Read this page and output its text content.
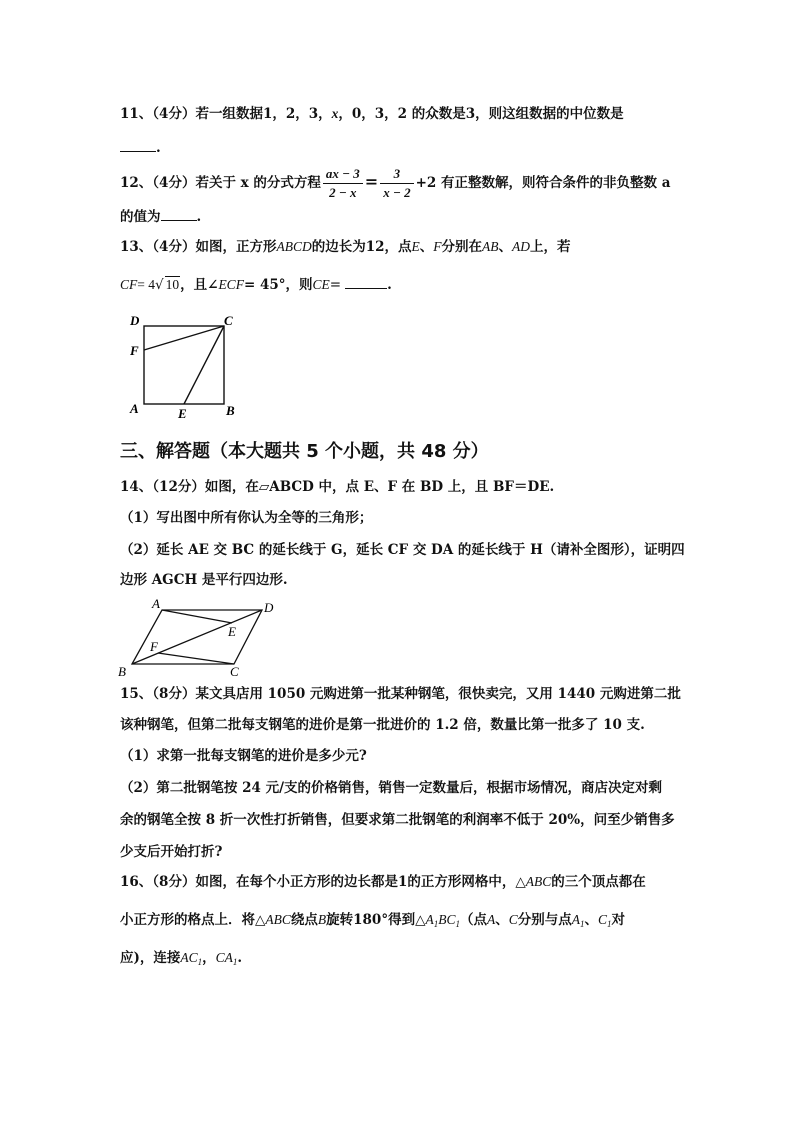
11、（4分）若一组数据1，2，3，x，0，3，2 的众数是3，则这组数据的中位数是
.
12、（4分）若关于 x 的分式方程 $\frac{ax - 3}{2 - x} = \frac{3}{x - 2} +2$ 有正整数解，则符合条件的非负整数 a
的值为	.
13、（4分）如图，正方形ABCD的边长为12，点E、F分别在AB、AD上，若
CF= 4√ 10，且∠ECF= 45°，则CE=	.
D	C
F
A	E	B
三、解答题（本大题共 5 个小题，共 48 分）
14、（12分）如图，在▱ABCD 中，点 E、F 在 BD 上，且 BF＝DE.
（1）写出图中所有你认为全等的三角形；
（2）延长 AE 交 BC 的延长线于 G，延长 CF 交 DA 的延长线于 H（请补全图形），证明四
边形 AGCH 是平行四边形.
A	D
E
F
B	C
15、（8分）某文具店用 1050 元购进第一批某种钢笔，很快卖完，又用 1440 元购进第二批
该种钢笔，但第二批每支钢笔的进价是第一批进价的 1.2 倍，数量比第一批多了 10 支.
（1）求第一批每支钢笔的进价是多少元?
（2）第二批钢笔按 24 元/支的价格销售，销售一定数量后，根据市场情况，商店决定对剩
余的钢笔全按 8 折一次性打折销售，但要求第二批钢笔的利润率不低于 20%，问至少销售多
少支后开始打折?
16、（8分）如图，在每个小正方形的边长都是1的正方形网格中，△ABC的三个顶点都在
小正方形的格点上．将△ABC绕点B旋转180°得到$\triangle A_1BC_1$（点A、C分别与点$A_1$、$C_1$对
应)，连接$AC_1$，$CA_1$.
